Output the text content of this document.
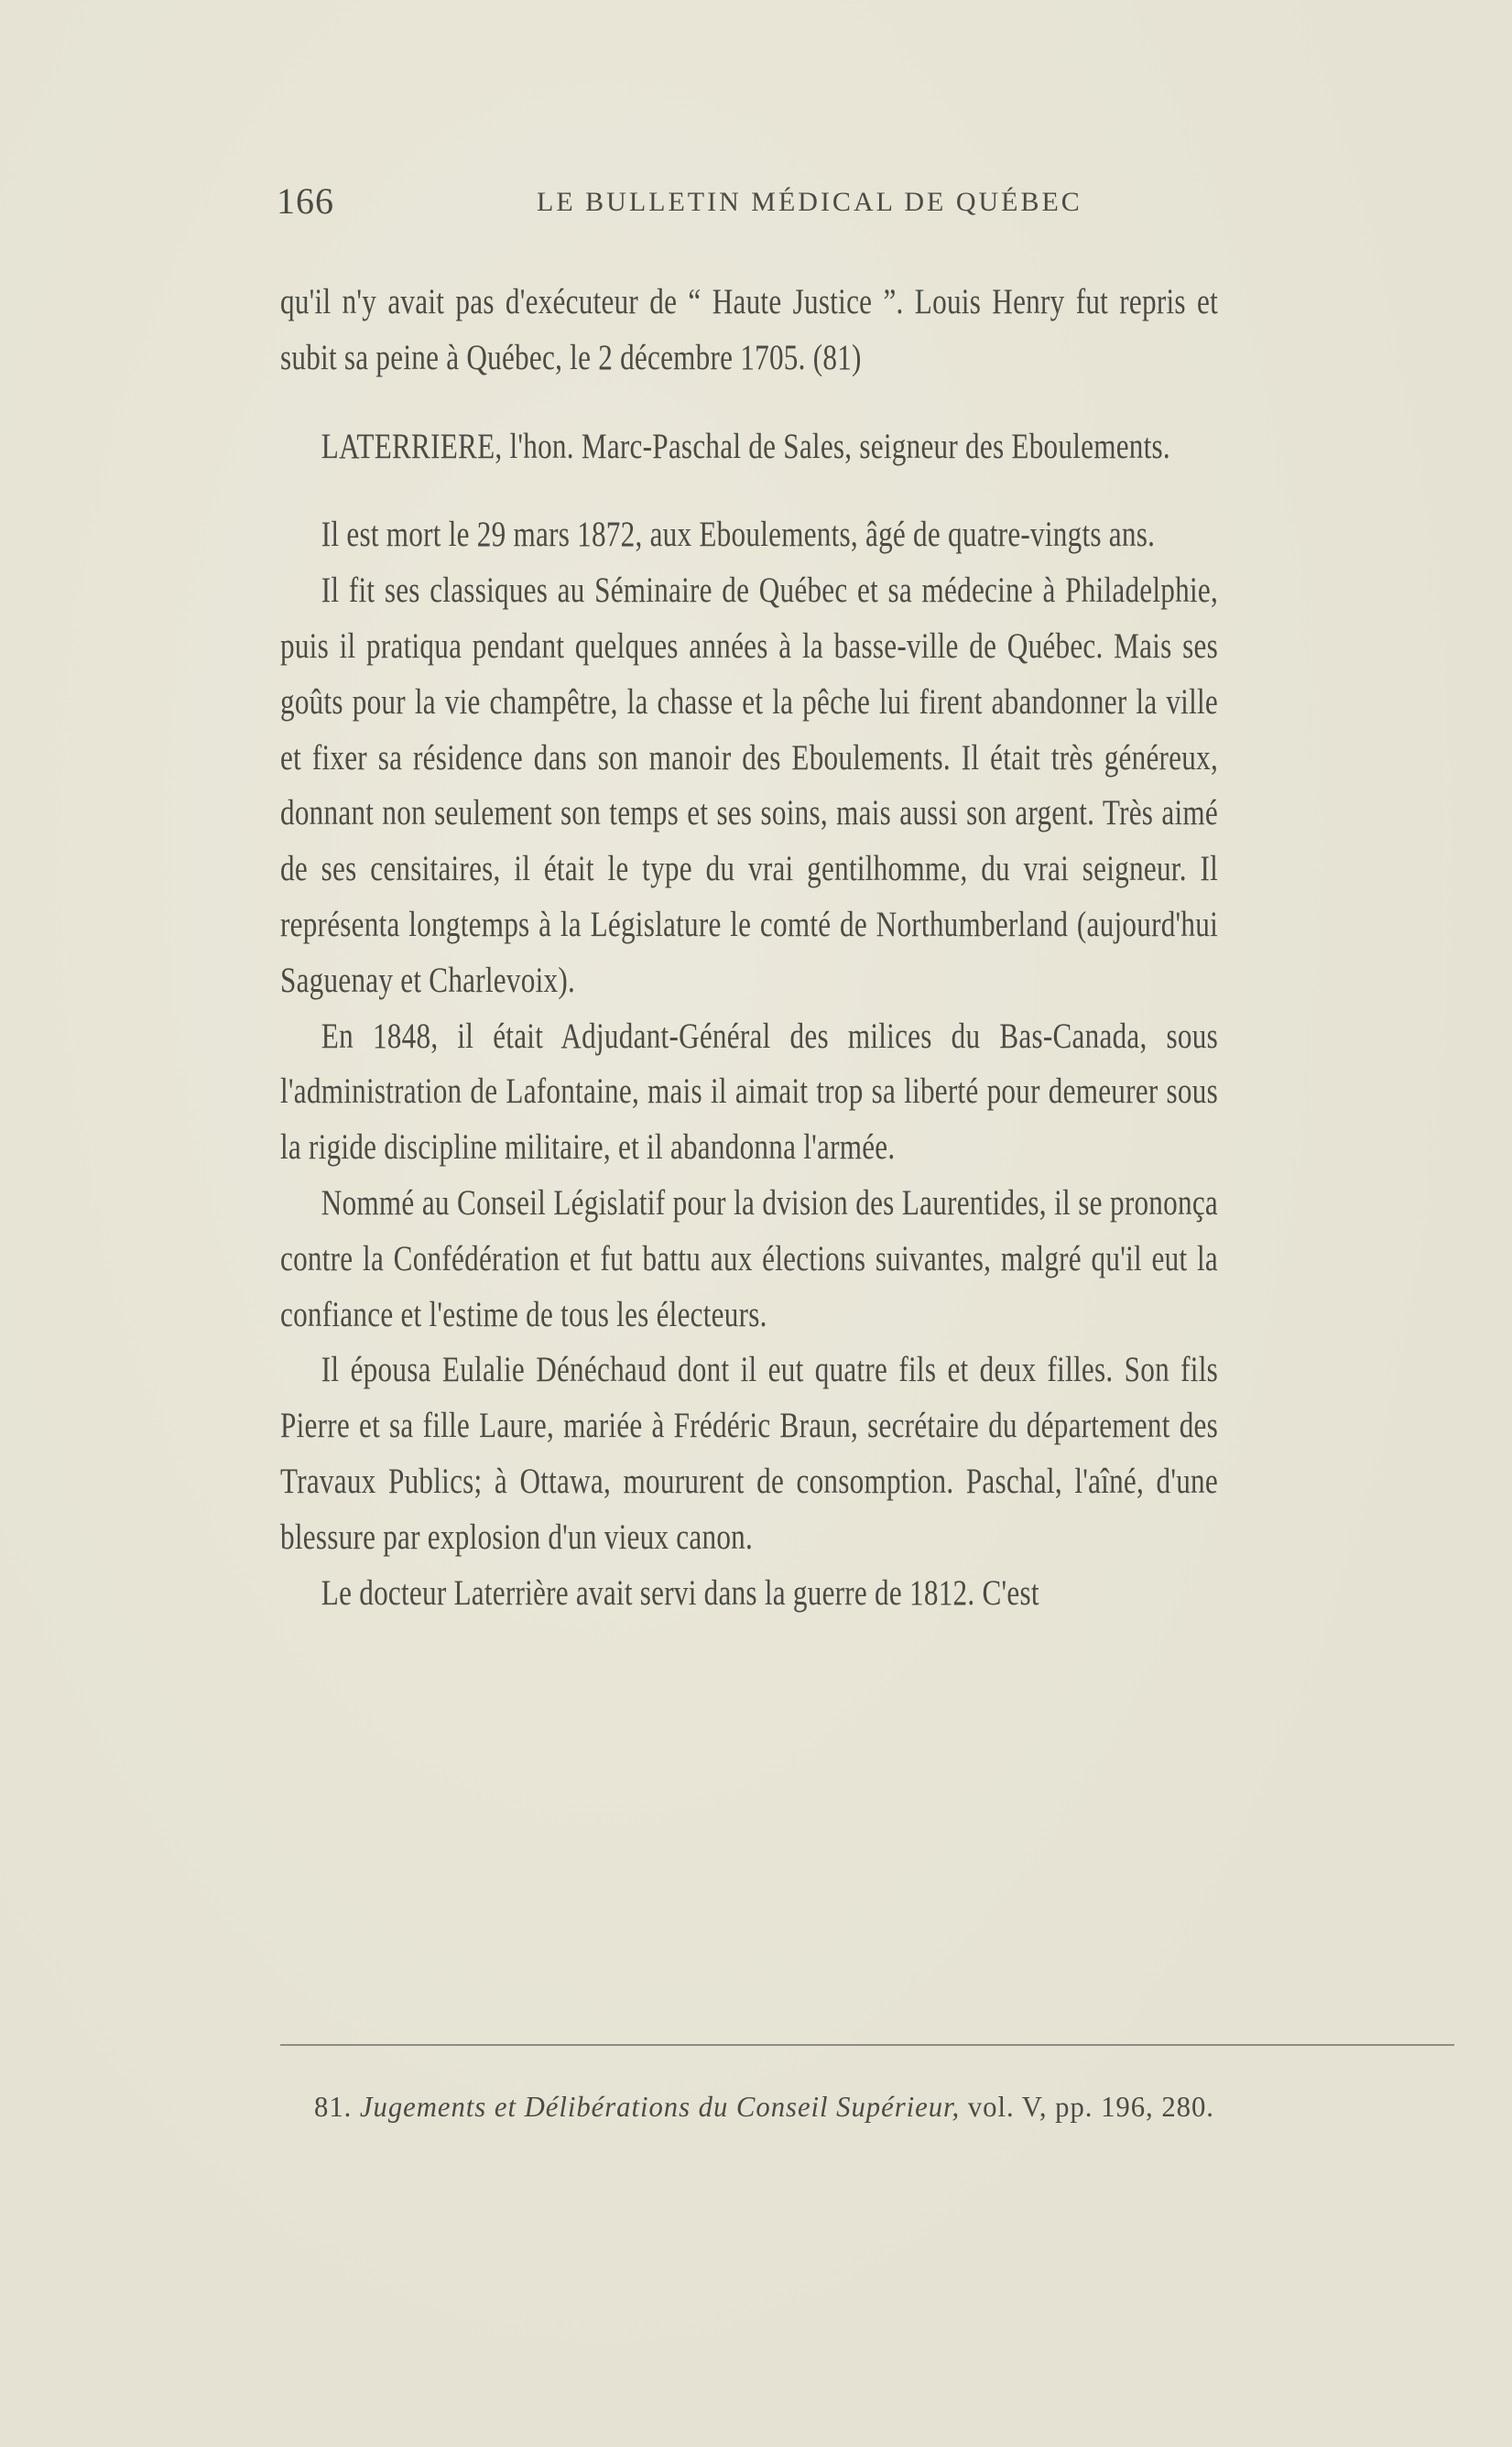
166	LE BULLETIN MÉDICAL DE QUÉBEC

qu'il n'y avait pas d'exécuteur de “ Haute Justice ”. Louis Henry fut repris et subit sa peine à Québec, le 2 décembre 1705. (81)

LATERRIERE, l'hon. Marc-Paschal de Sales, seigneur des Eboulements.

Il est mort le 29 mars 1872, aux Eboulements, âgé de quatre-vingts ans.

Il fit ses classiques au Séminaire de Québec et sa médecine à Philadelphie, puis il pratiqua pendant quelques années à la basse-ville de Québec. Mais ses goûts pour la vie champêtre, la chasse et la pêche lui firent abandonner la ville et fixer sa résidence dans son manoir des Eboulements. Il était très généreux, donnant non seulement son temps et ses soins, mais aussi son argent. Très aimé de ses censitaires, il était le type du vrai gentilhomme, du vrai seigneur. Il représenta longtemps à la Législature le comté de Northumberland (aujourd'hui Saguenay et Charlevoix).

En 1848, il était Adjudant-Général des milices du Bas-Canada, sous l'administration de Lafontaine, mais il aimait trop sa liberté pour demeurer sous la rigide discipline militaire, et il abandonna l'armée.

Nommé au Conseil Législatif pour la dvision des Laurentides, il se prononça contre la Confédération et fut battu aux élections suivantes, malgré qu'il eut la confiance et l'estime de tous les électeurs.

Il épousa Eulalie Dénéchaud dont il eut quatre fils et deux filles. Son fils Pierre et sa fille Laure, mariée à Frédéric Braun, secrétaire du département des Travaux Publics; à Ottawa, moururent de consomption. Paschal, l'aîné, d'une blessure par explosion d'un vieux canon.

Le docteur Laterrière avait servi dans la guerre de 1812. C'est

81. Jugements et Délibérations du Conseil Supérieur, vol. V, pp. 196, 280.
